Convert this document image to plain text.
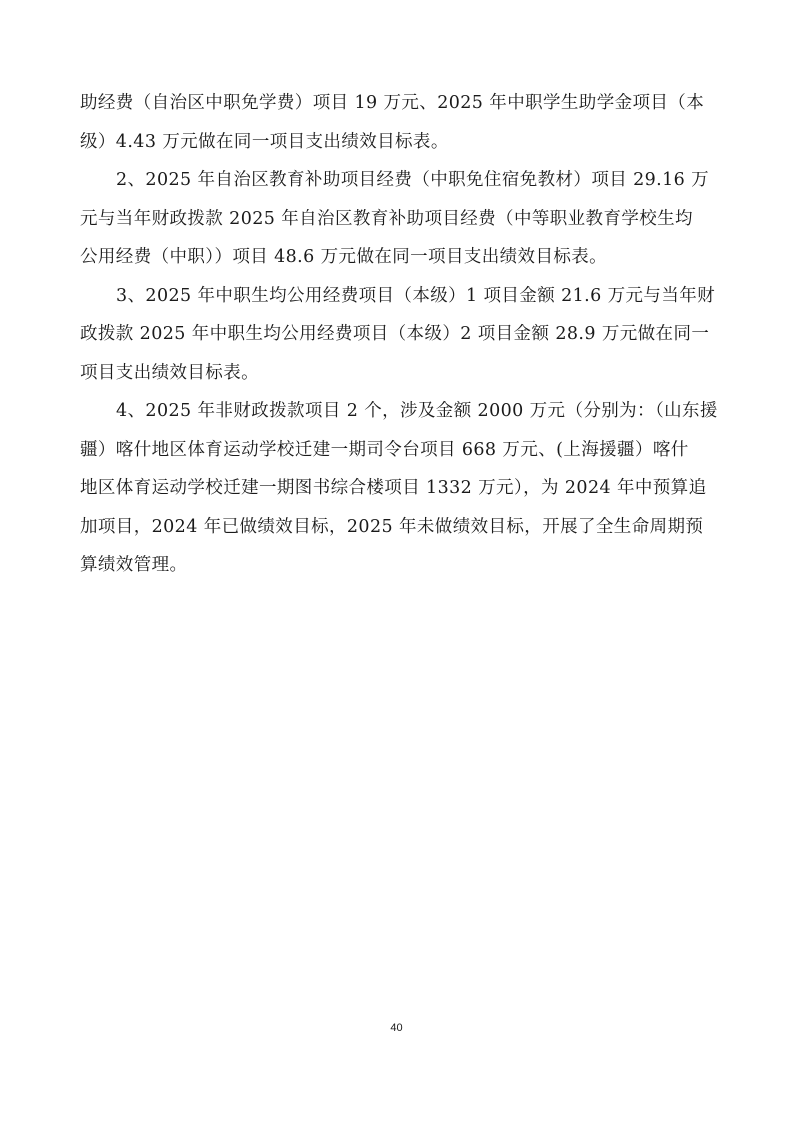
助经费（自治区中职免学费）项目 19 万元、2025 年中职学生助学金项目（本
级）4.43 万元做在同一项目支出绩效目标表。
2、2025 年自治区教育补助项目经费（中职免住宿免教材）项目 29.16 万
元与当年财政拨款 2025 年自治区教育补助项目经费（中等职业教育学校生均
公用经费（中职））项目 48.6 万元做在同一项目支出绩效目标表。
3、2025 年中职生均公用经费项目（本级）1 项目金额 21.6 万元与当年财
政拨款 2025 年中职生均公用经费项目（本级）2 项目金额 28.9 万元做在同一
项目支出绩效目标表。
4、2025 年非财政拨款项目 2 个，涉及金额 2000 万元（分别为：（山东援
疆）喀什地区体育运动学校迁建一期司令台项目 668 万元、(上海援疆）喀什
地区体育运动学校迁建一期图书综合楼项目 1332 万元），为 2024 年中预算追
加项目，2024 年已做绩效目标，2025 年未做绩效目标，开展了全生命周期预
算绩效管理。
40
